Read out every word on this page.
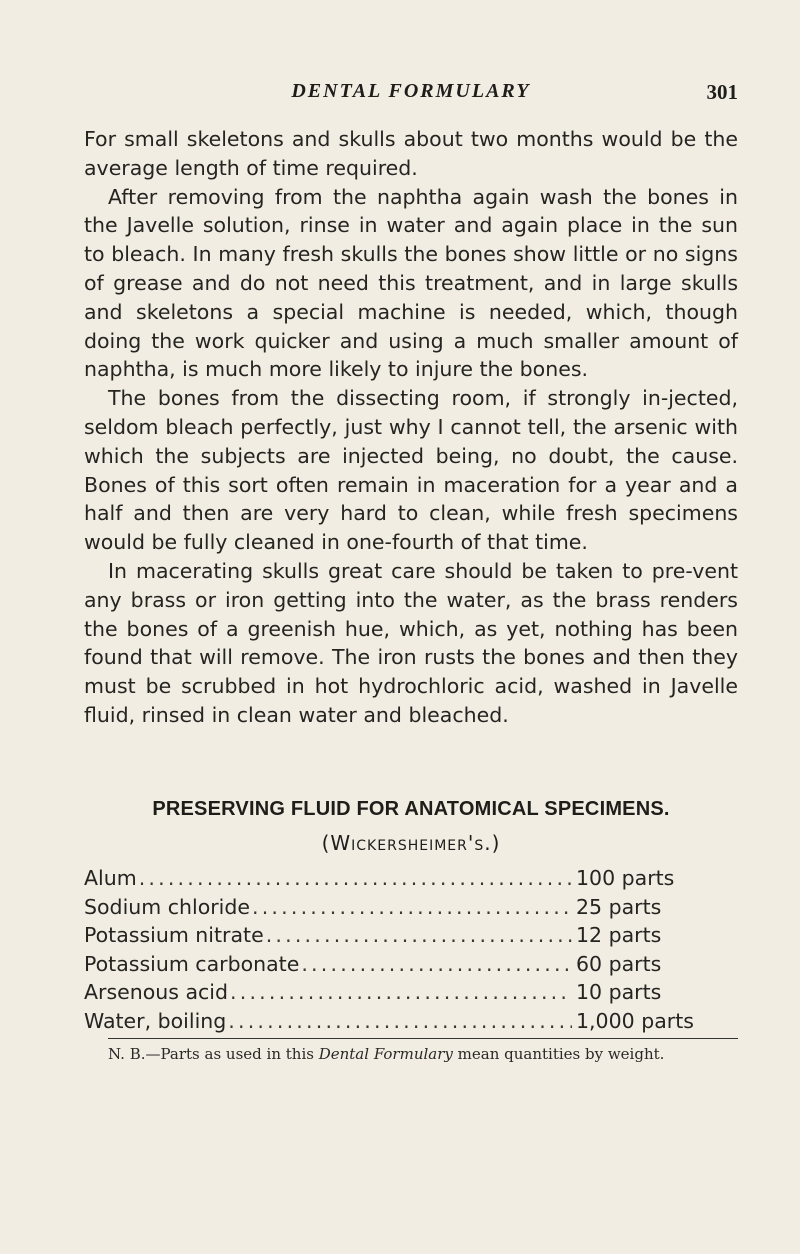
DENTAL FORMULARY	301

For small skeletons and skulls about two months would be the average length of time required.

After removing from the naphtha again wash the bones in the Javelle solution, rinse in water and again place in the sun to bleach. In many fresh skulls the bones show little or no signs of grease and do not need this treatment, and in large skulls and skeletons a special machine is needed, which, though doing the work quicker and using a much smaller amount of naphtha, is much more likely to injure the bones.

The bones from the dissecting room, if strongly in-jected, seldom bleach perfectly, just why I cannot tell, the arsenic with which the subjects are injected being, no doubt, the cause. Bones of this sort often remain in maceration for a year and a half and then are very hard to clean, while fresh specimens would be fully cleaned in one-fourth of that time.

In macerating skulls great care should be taken to pre-vent any brass or iron getting into the water, as the brass renders the bones of a greenish hue, which, as yet, nothing has been found that will remove. The iron rusts the bones and then they must be scrubbed in hot hydrochloric acid, washed in Javelle fluid, rinsed in clean water and bleached.

PRESERVING FLUID FOR ANATOMICAL SPECIMENS.
(Wickersheimer's.)
Alum .....	100 parts
Sodium chloride .....	25 parts
Potassium nitrate .....	12 parts
Potassium carbonate .....	60 parts
Arsenous acid .....	10 parts
Water, boiling .....	1,000 parts
N. B.—Parts as used in this Dental Formulary mean quantities by weight.
